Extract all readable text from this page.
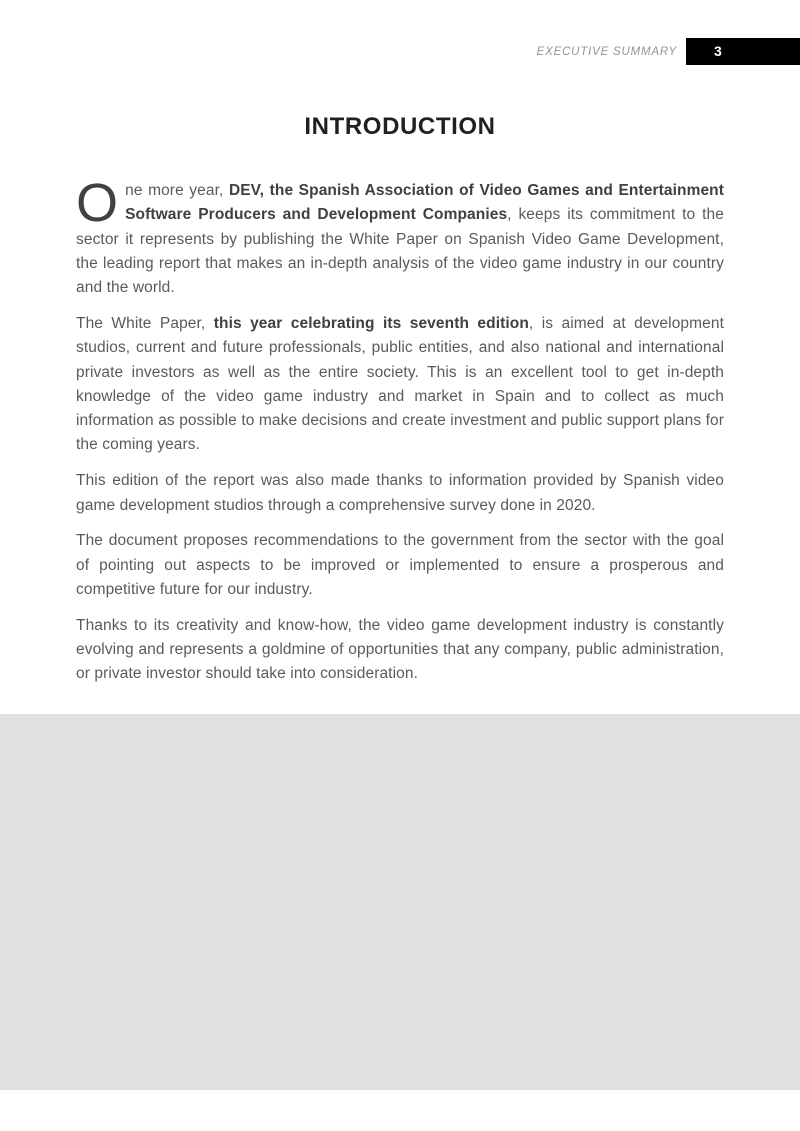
EXECUTIVE SUMMARY	3
INTRODUCTION

One more year, DEV, the Spanish Association of Video Games and Entertainment Software Producers and Development Companies, keeps its commitment to the sector it represents by publishing the White Paper on Spanish Video Game Development, the leading report that makes an in-depth analysis of the video game industry in our country and the world.

The White Paper, this year celebrating its seventh edition, is aimed at development studios, current and future professionals, public entities, and also national and international private investors as well as the entire society. This is an excellent tool to get in-depth knowledge of the video game industry and market in Spain and to collect as much information as possible to make decisions and create investment and public support plans for the coming years.

This edition of the report was also made thanks to information provided by Spanish video game development studios through a comprehensive survey done in 2020.

The document proposes recommendations to the government from the sector with the goal of pointing out aspects to be improved or implemented to ensure a prosperous and competitive future for our industry.

Thanks to its creativity and know-how, the video game development industry is constantly evolving and represents a goldmine of opportunities that any company, public administration, or private investor should take into consideration.
